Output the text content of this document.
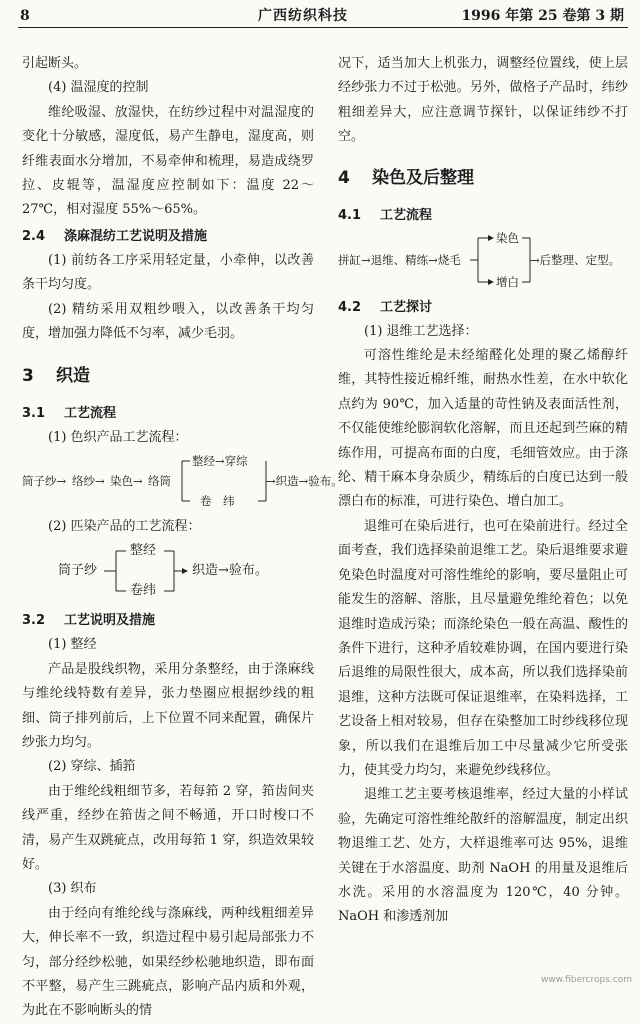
8	广西纺织科技	1996 年第 25 卷第 3 期

引起断头。

(4) 温湿度的控制

维纶吸湿、放湿快，在纺纱过程中对温湿度的变化十分敏感，湿度低，易产生静电，湿度高，则纤维表面水分增加，不易牵伸和梳理，易造成绕罗拉、皮辊等，温湿度应控制如下：温度 22～27℃，相对湿度 55%～65%。

2.4 涤麻混纺工艺说明及措施

(1) 前纺各工序采用轻定量，小牵伸，以改善条干均匀度。

(2) 精纺采用双粗纱喂入，以改善条干均匀度，增加强力降低不匀率，减少毛羽。

3 织造
3.1 工艺流程

(1) 色织产品工艺流程：

筒子纱→ 络纱→ 染色→ 络筒
整经→穿综
卷　纬
→织造→验布。

(2) 匹染产品的工艺流程：

筒子纱
整经
卷纬
织造→验布。
3.2 工艺说明及措施

(1) 整经

产品是股线织物，采用分条整经，由于涤麻线与维纶线特数有差异，张力垫圈应根据纱线的粗细、筒子排列前后，上下位置不同来配置，确保片纱张力均匀。

(2) 穿综、插筘

由于维纶线粗细节多，若每筘 2 穿，筘齿间夹线严重，经纱在筘齿之间不畅通，开口时梭口不清，易产生双跳疵点，改用每筘 1 穿，织造效果较好。

(3) 织布

由于经向有维纶线与涤麻线，两种线粗细差异大，伸长率不一致，织造过程中易引起局部张力不匀，部分经纱松驰，如果经纱松驰地织造，即布面不平整，易产生三跳疵点，影响产品内质和外观，为此在不影响断头的情

况下，适当加大上机张力，调整经位置线，使上层经纱张力不过于松弛。另外，做格子产品时，纬纱粗细差异大，应注意调节探针，以保证纬纱不打空。

4 染色及后整理
4.1 工艺流程
拼缸→退维、精练→烧毛
染色
增白
→后整理、定型。
4.2 工艺探讨

(1) 退维工艺选择：

可溶性维纶是未经缩醛化处理的聚乙烯醇纤维，其特性接近棉纤维，耐热水性差，在水中软化点约为 90℃，加入适量的苛性钠及表面活性剂，不仅能使维纶膨润软化溶解，而且还起到苎麻的精练作用，可提高布面的白度，毛细管效应。由于涤纶、精干麻本身杂质少，精练后的白度已达到一般漂白布的标准，可进行染色、增白加工。

退维可在染后进行，也可在染前进行。经过全面考查，我们选择染前退维工艺。染后退维要求避免染色时温度对可溶性维纶的影响，要尽量阻止可能发生的溶解、溶胀，且尽量避免维纶着色；以免退维时造成污染；而涤纶染色一般在高温、酸性的条件下进行，这种矛盾较难协调，在国内要进行染后退维的局限性很大，成本高，所以我们选择染前退维，这种方法既可保证退维率，在染料选择，工艺设备上相对较易，但存在染整加工时纱线移位现象，所以我们在退维后加工中尽量减少它所受张力，使其受力均匀，来避免纱线移位。

退维工艺主要考核退维率，经过大量的小样试验，先确定可溶性维纶散纤的溶解温度，制定出织物退维工艺、处方，大样退维率可达 95%，退维关键在于水溶温度、助剂 NaOH 的用量及退维后水洗。采用的水溶温度为 120℃，40 分钟。NaOH 和渗透剂加

www.fibercrops.com
